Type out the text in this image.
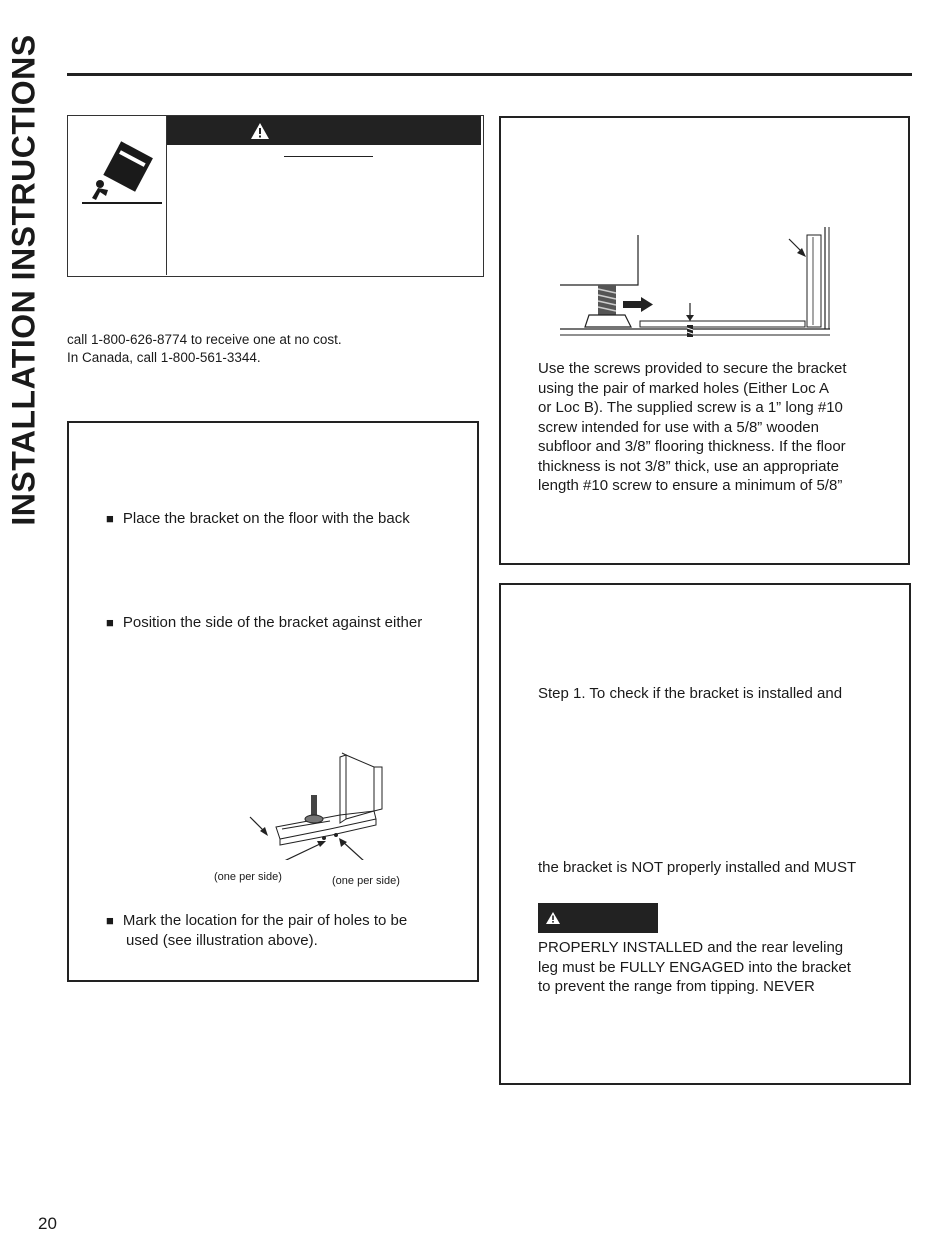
INSTALLATION INSTRUCTIONS call 1-800-626-8774 to receive one at no cost.
In Canada, call 1-800-561-3344.
■ Place the bracket on the floor with the back
■ Position the side of the bracket against either
(one per side)	(one per side)
■ Mark the location for the pair of holes to be
used (see illustration above).
Use the screws provided to secure the bracket
using the pair of marked holes (Either Loc A
or Loc B). The supplied screw is a 1” long #10
screw intended for use with a 5/8” wooden
subfloor and 3/8” flooring thickness. If the floor
thickness is not 3/8” thick, use an appropriate
length #10 screw to ensure a minimum of 5/8”
Step 1. To check if the bracket is installed and
the bracket is NOT properly installed and MUST
PROPERLY INSTALLED and the rear leveling
leg must be FULLY ENGAGED into the bracket
to prevent the range from tipping. NEVER
20
